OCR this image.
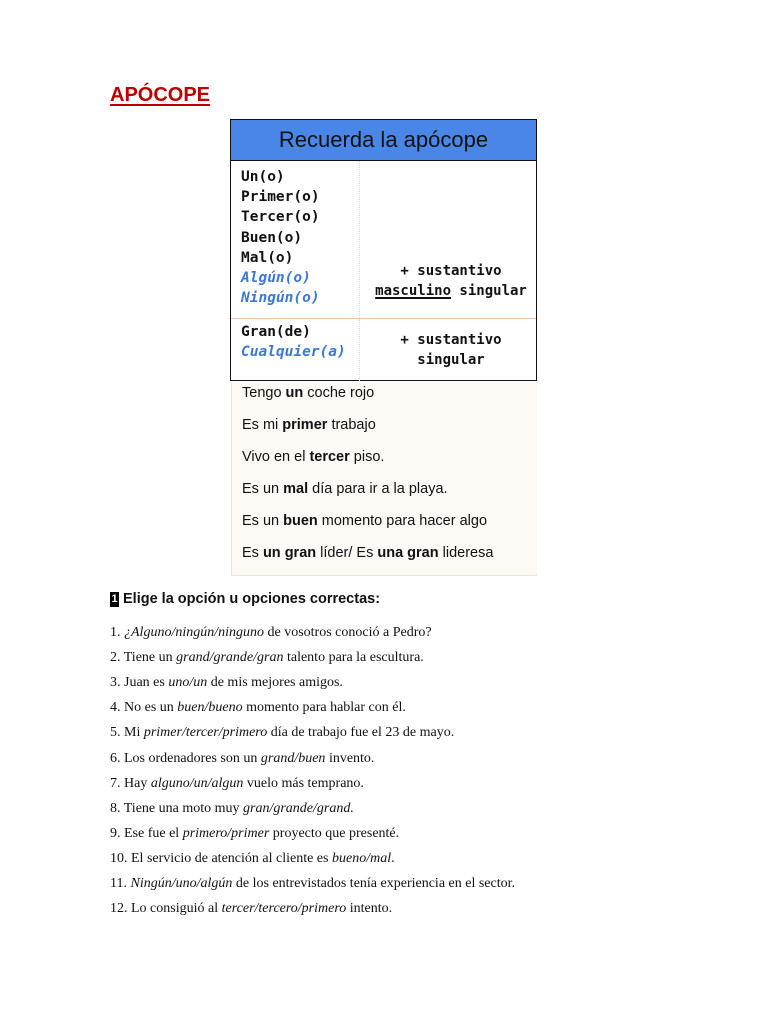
APÓCOPE
Recuerda la apócope
Un(o)
Primer(o)
Tercer(o)
Buen(o)
Mal(o)
Algún(o)
Ningún(o)
+ sustantivo
masculino singular
Gran(de)
Cualquier(a)
+ sustantivo
singular
Tengo un coche rojo
Es mi primer trabajo
Vivo en el tercer piso.
Es un mal día para ir a la playa.
Es un buen momento para hacer algo
Es un gran líder/ Es una gran lideresa
1 Elige la opción u opciones correctas:
1. ¿Alguno/ningún/ninguno de vosotros conoció a Pedro?
2. Tiene un grand/grande/gran talento para la escultura.
3. Juan es uno/un de mis mejores amigos.
4. No es un buen/bueno momento para hablar con él.
5. Mi primer/tercer/primero día de trabajo fue el 23 de mayo.
6. Los ordenadores son un grand/buen invento.
7. Hay alguno/un/algun vuelo más temprano.
8. Tiene una moto muy gran/grande/grand.
9. Ese fue el primero/primer proyecto que presenté.
10. El servicio de atención al cliente es bueno/mal.
11. Ningún/uno/algún de los entrevistados tenía experiencia en el sector.
12. Lo consiguió al tercer/tercero/primero intento.
